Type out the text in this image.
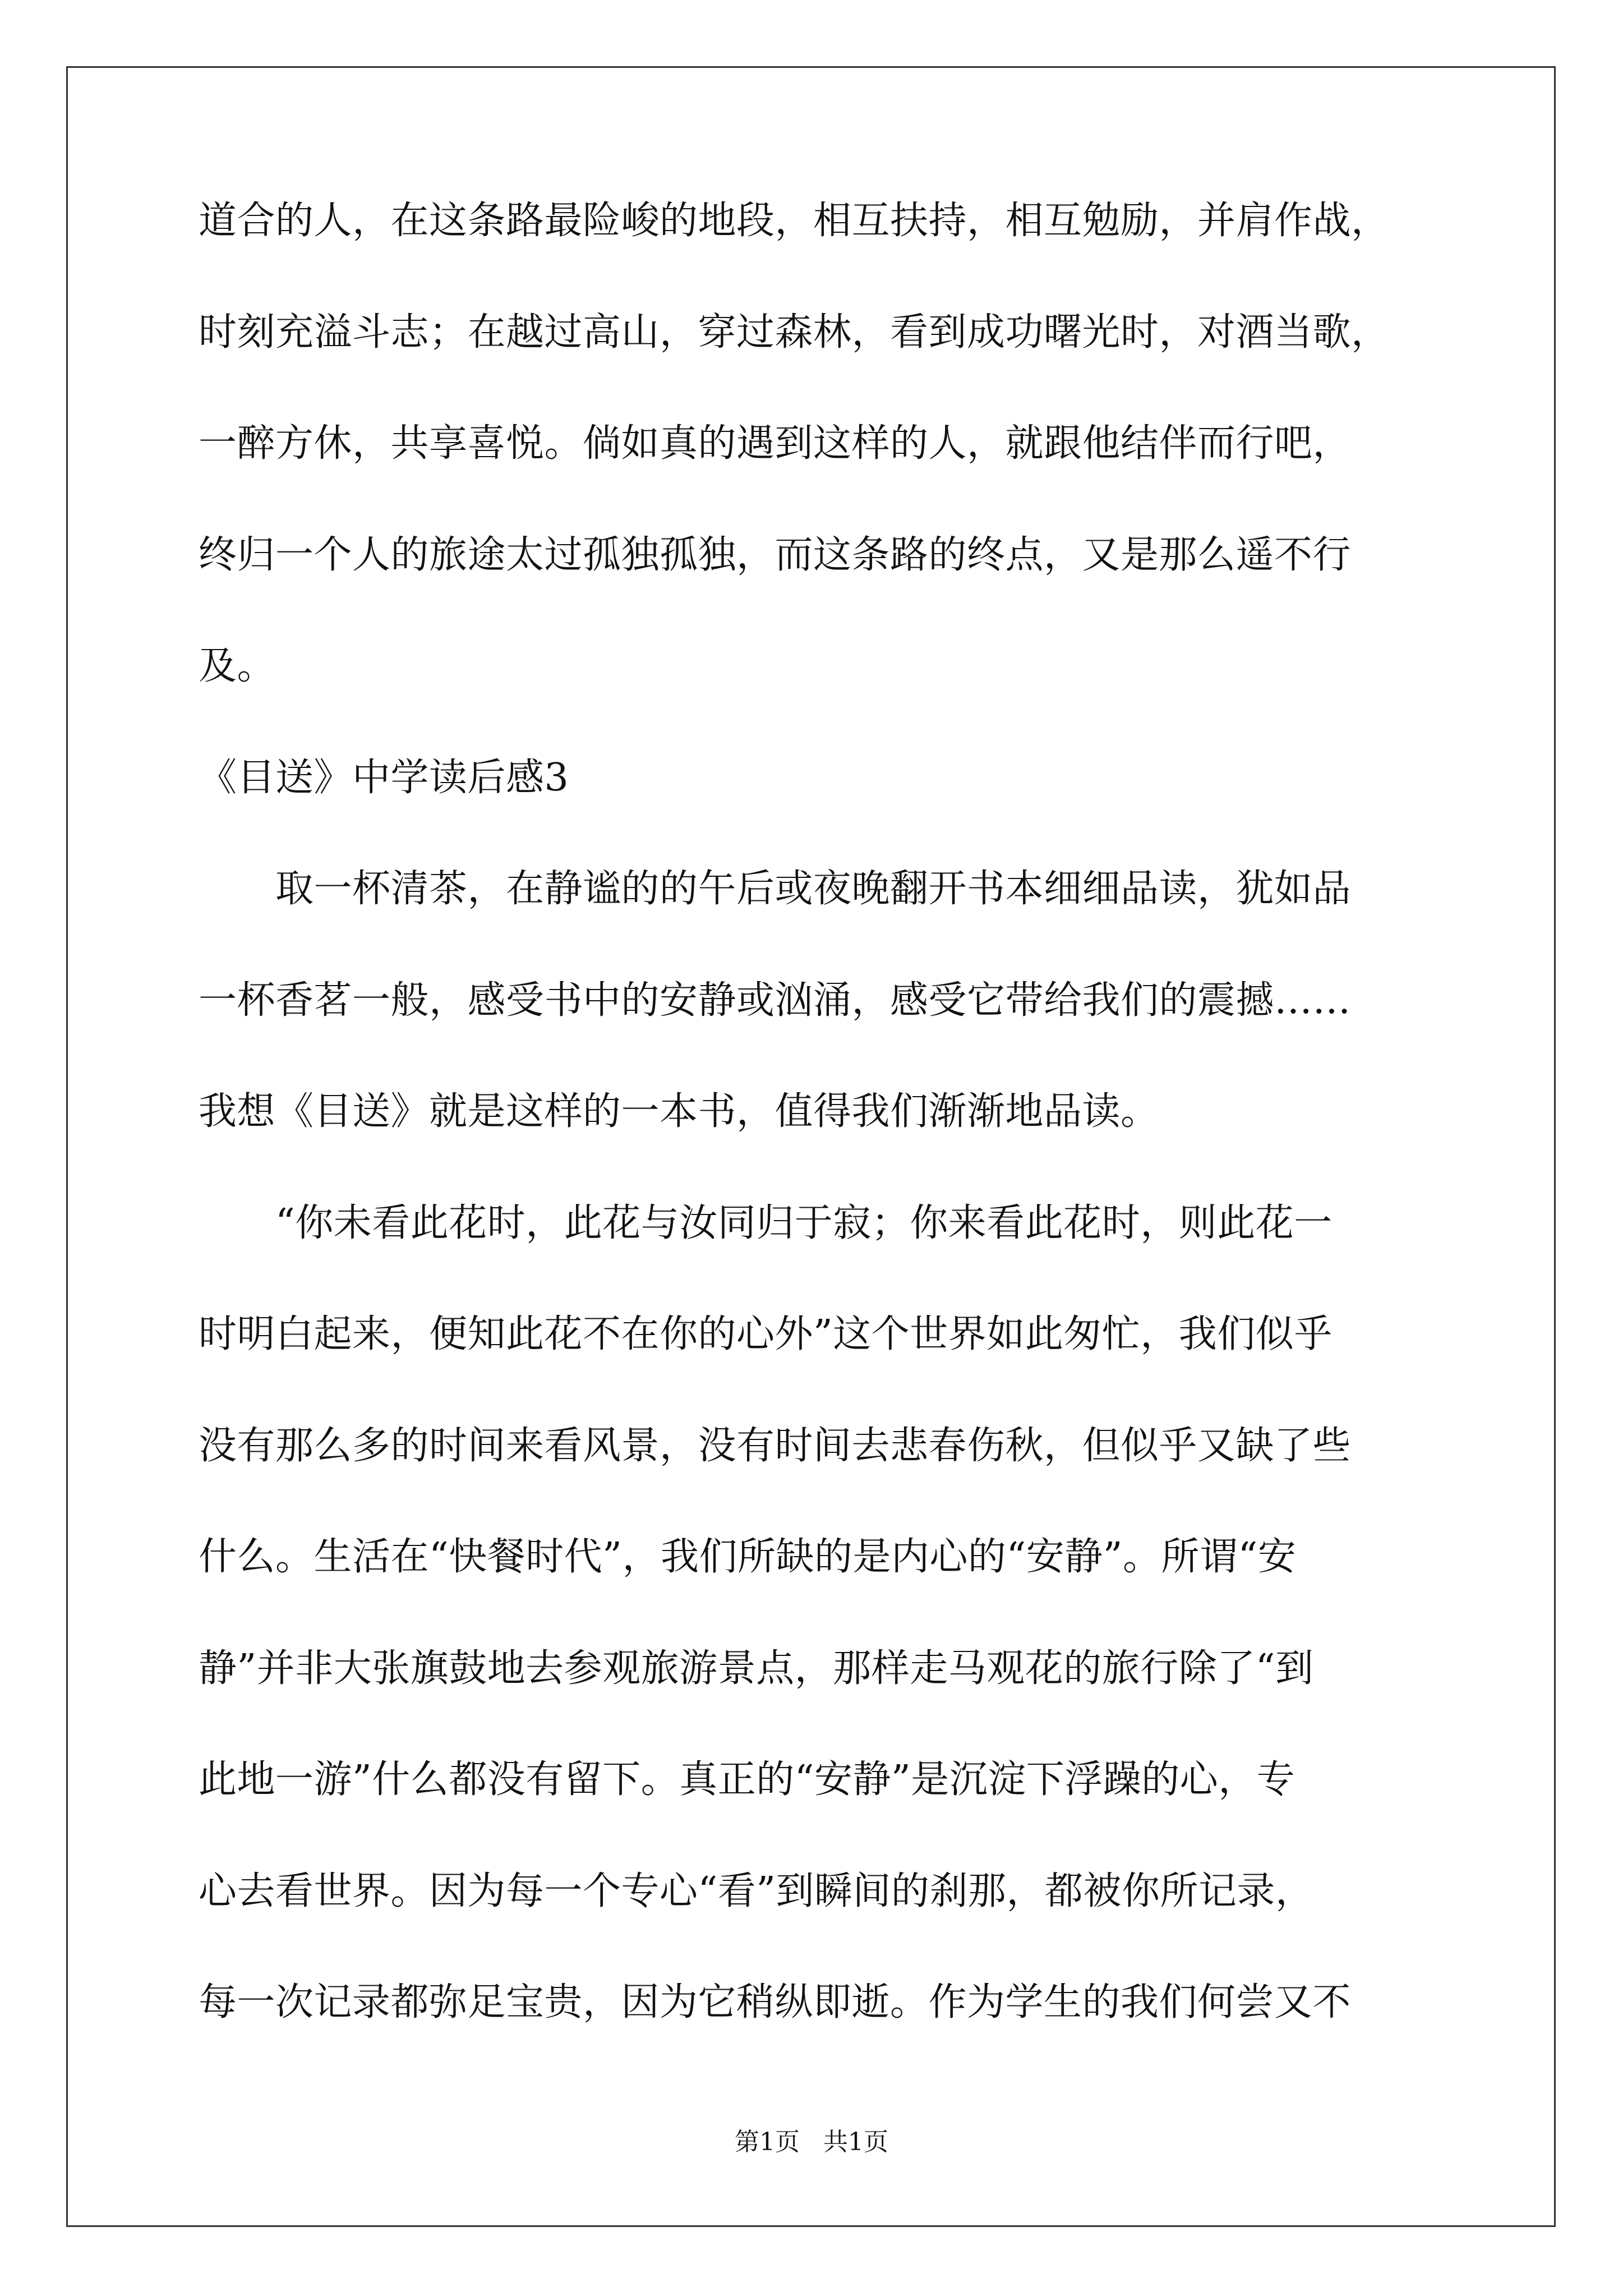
道合的人，在这条路最险峻的地段，相互扶持，相互勉励，并肩作战，

时刻充溢斗志；在越过高山，穿过森林，看到成功曙光时，对酒当歌，

一醉方休，共享喜悦。倘如真的遇到这样的人，就跟他结伴而行吧，

终归一个人的旅途太过孤独孤独，而这条路的终点，又是那么遥不行

及。

《目送》中学读后感3

　　取一杯清茶，在静谧的的午后或夜晚翻开书本细细品读，犹如品

一杯香茗一般，感受书中的安静或汹涌，感受它带给我们的震撼……

我想《目送》就是这样的一本书，值得我们渐渐地品读。

　　“你未看此花时，此花与汝同归于寂；你来看此花时，则此花一

时明白起来，便知此花不在你的心外”这个世界如此匆忙，我们似乎

没有那么多的时间来看风景，没有时间去悲春伤秋，但似乎又缺了些

什么。生活在“快餐时代”，我们所缺的是内心的“安静”。所谓“安

静”并非大张旗鼓地去参观旅游景点，那样走马观花的旅行除了“到

此地一游”什么都没有留下。真正的“安静”是沉淀下浮躁的心，专

心去看世界。因为每一个专心“看”到瞬间的刹那，都被你所记录，

每一次记录都弥足宝贵，因为它稍纵即逝。作为学生的我们何尝又不

第1页   共1页
